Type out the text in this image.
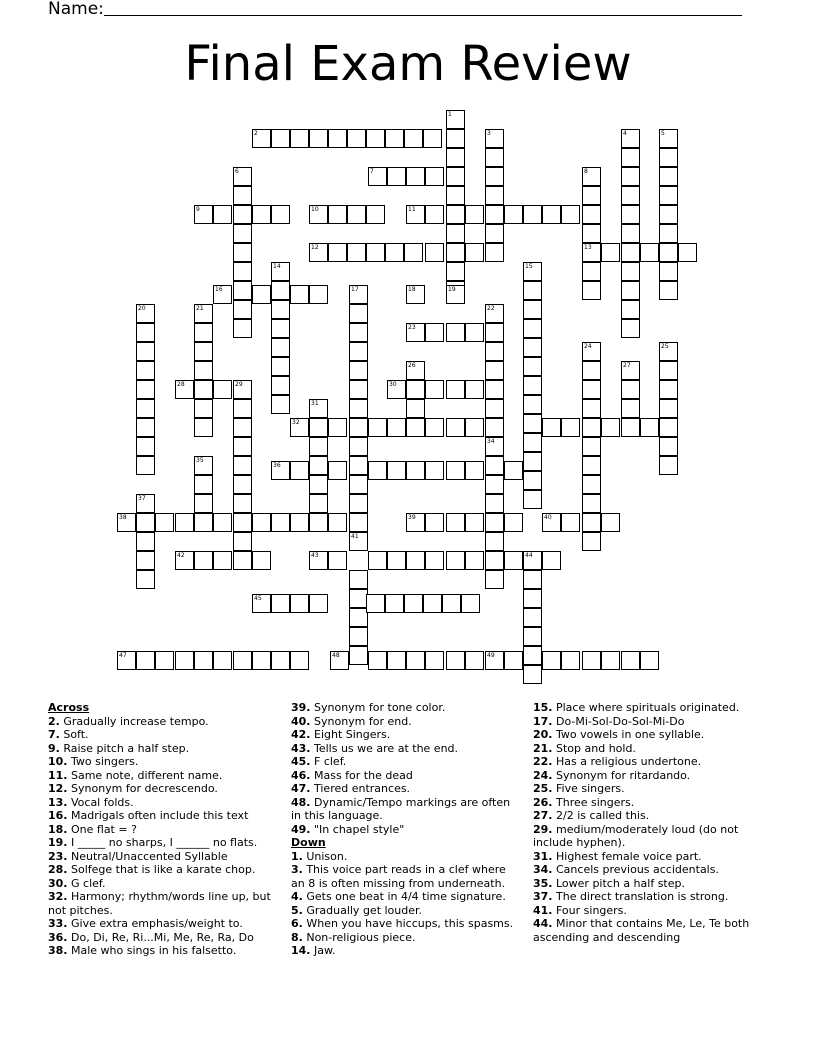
Name:
Final Exam Review
1
2	3	4	5
6	7	8
13
9	10	11
12
14	15
16	17	18	19
20	21	22
34
23
24	25
26	27
28	29	30
31
32
35
36
37
38	39	40
42	43	44
41
45
47	48	49
Across
2. Gradually increase tempo.
7. Soft.
9. Raise pitch a half step.
10. Two singers.
11. Same note, different name.
12. Synonym for decrescendo.
13. Vocal folds.
16. Madrigals often include this text
18. One flat = ?
19. I _____ no sharps, I ______ no flats.
23. Neutral/Unaccented Syllable
28. Solfege that is like a karate chop.
30. G clef.
32. Harmony; rhythm/words line up, but not pitches.
33. Give extra emphasis/weight to.
36. Do, Di, Re, Ri...Mi, Me, Re, Ra, Do
38. Male who sings in his falsetto.
39. Synonym for tone color.
40. Synonym for end.
42. Eight Singers.
43. Tells us we are at the end.
45. F clef.
46. Mass for the dead
47. Tiered entrances.
48. Dynamic/Tempo markings are often in this language.
49. "In chapel style"
Down
1. Unison.
3. This voice part reads in a clef where an 8 is often missing from underneath.
4. Gets one beat in 4/4 time signature.
5. Gradually get louder.
6. When you have hiccups, this spasms.
8. Non-religious piece.
14. Jaw.
15. Place where spirituals originated.
17. Do-Mi-Sol-Do-Sol-Mi-Do
20. Two vowels in one syllable.
21. Stop and hold.
22. Has a religious undertone.
24. Synonym for ritardando.
25. Five singers.
26. Three singers.
27. 2/2 is called this.
29. medium/moderately loud (do not include hyphen).
31. Highest female voice part.
34. Cancels previous accidentals.
35. Lower pitch a half step.
37. The direct translation is strong.
41. Four singers.
44. Minor that contains Me, Le, Te both ascending and descending
